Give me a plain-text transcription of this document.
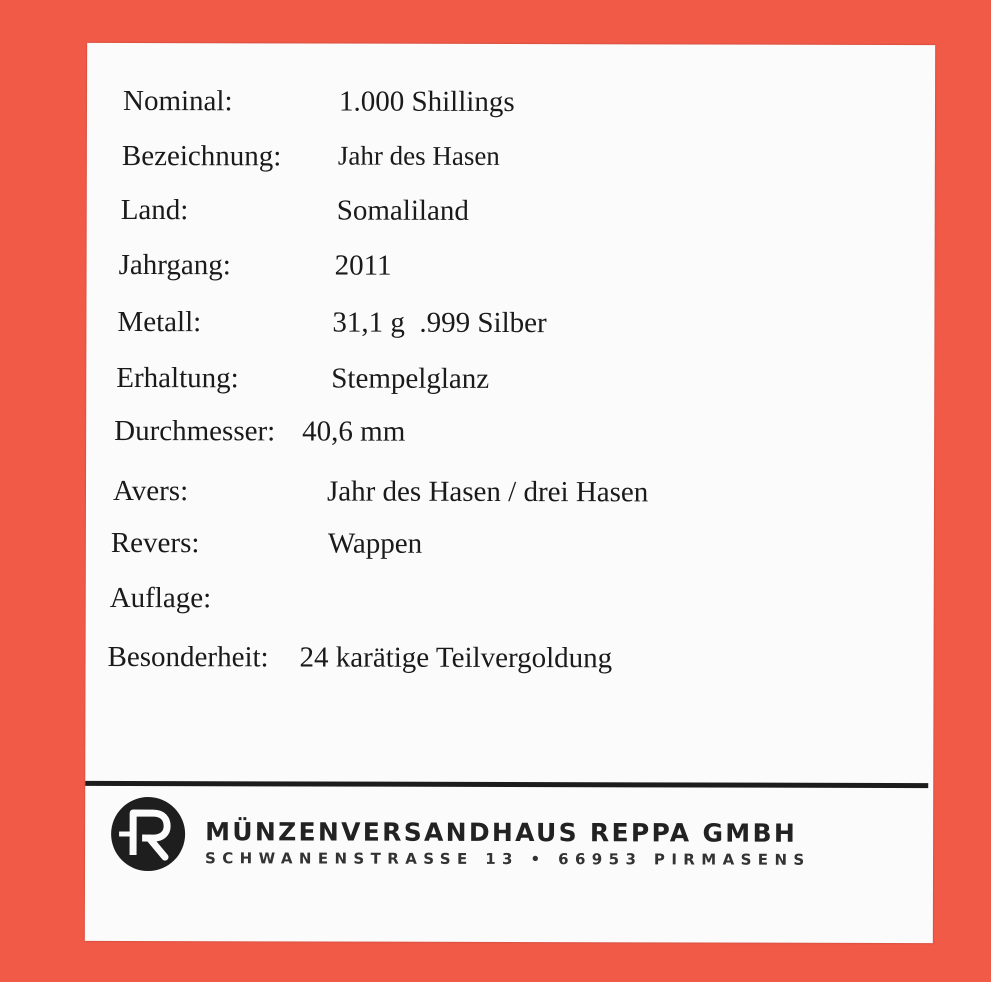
Nominal:	1.000 Shillings
Bezeichnung: Jahr des Hasen
Land:	Somaliland
Jahrgang:	2011
Metall:	31,1 g  .999 Silber
Erhaltung:	Stempelglanz
Durchmesser: 40,6 mm
Avers:	Jahr des Hasen / drei Hasen
Revers:	Wappen
Auflage:
Besonderheit: 24 karätige Teilvergoldung
MÜNZENVERSANDHAUS REPPA GMBH
SCHWANENSTRASSE 13 • 66953 PIRMASENS
